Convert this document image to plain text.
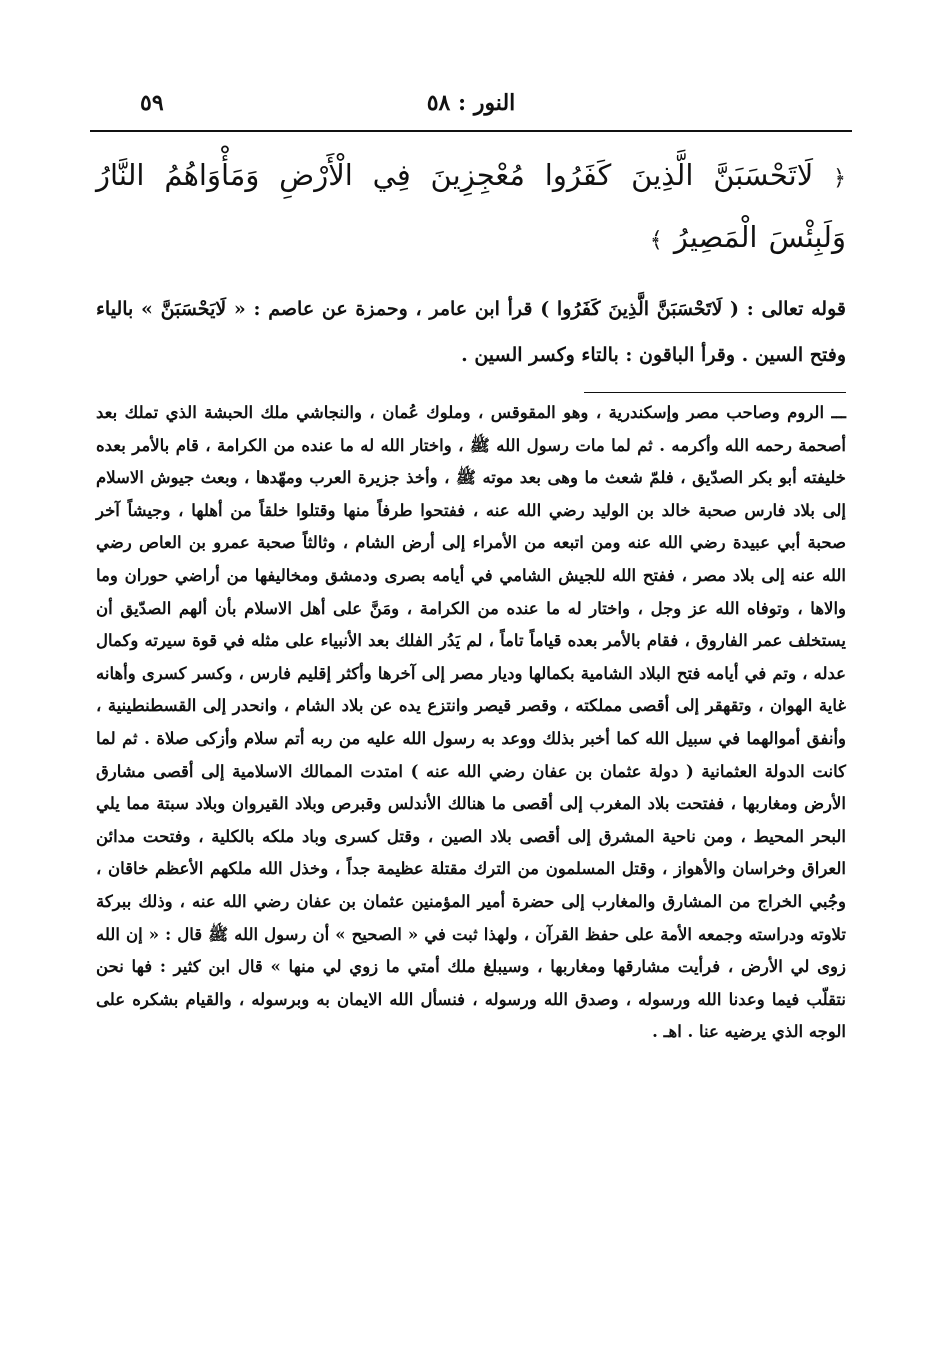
النور : ٥٨
٥٩
﴿ لَاتَحْسَبَنَّ الَّذِينَ كَفَرُوا مُعْجِزِينَ فِي الْأَرْضِ وَمَأْوَاهُمُ النَّارُ وَلَبِئْسَ الْمَصِيرُ ﴾
قوله تعالى : ( لَاتَحْسَبَنَّ الَّذِينَ كَفَرُوا ) قرأ ابن عامر ، وحمزة عن عاصم : « لَايَحْسَبَنَّ » بالياء وفتح السين . وقرأ الباقون : بالتاء وكسر السين .

ـــ الروم وصاحب مصر وإسكندرية ، وهو المقوقس ، وملوك عُمان ، والنجاشي ملك الحبشة الذي تملك بعد أصحمة رحمه الله وأكرمه . ثم لما مات رسول الله ﷺ ، واختار الله له ما عنده من الكرامة ، قام بالأمر بعده خليفته أبو بكر الصدّيق ، فلمّ شعث ما وهى بعد موته ﷺ ، وأخذ جزيرة العرب ومهّدها ، وبعث جيوش الاسلام إلى بلاد فارس صحبة خالد بن الوليد رضي الله عنه ، ففتحوا طرفاً منها وقتلوا خلقاً من أهلها ، وجيشاً آخر صحبة أبي عبيدة رضي الله عنه ومن اتبعه من الأمراء إلى أرض الشام ، وثالثاً صحبة عمرو بن العاص رضي الله عنه إلى بلاد مصر ، ففتح الله للجيش الشامي في أيامه بصرى ودمشق ومخاليفها من أراضي حوران وما والاها ، وتوفاه الله عز وجل ، واختار له ما عنده من الكرامة ، ومَنَّ على أهل الاسلام بأن ألهم الصدّيق أن يستخلف عمر الفاروق ، فقام بالأمر بعده قياماً تاماً ، لم يَدُر الفلك بعد الأنبياء على مثله في قوة سيرته وكمال عدله ، وتم في أيامه فتح البلاد الشامية بكمالها وديار مصر إلى آخرها وأكثر إقليم فارس ، وكسر كسرى وأهانه غاية الهوان ، وتقهقر إلى أقصى مملكته ، وقصر قيصر وانتزع يده عن بلاد الشام ، وانحدر إلى القسطنطينية ، وأنفق أموالهما في سبيل الله كما أخبر بذلك ووعد به رسول الله عليه من ربه أتم سلام وأزكى صلاة . ثم لما كانت الدولة العثمانية ( دولة عثمان بن عفان رضي الله عنه ) امتدت الممالك الاسلامية إلى أقصى مشارق الأرض ومغاربها ، ففتحت بلاد المغرب إلى أقصى ما هنالك الأندلس وقبرص وبلاد القيروان وبلاد سبتة مما يلي البحر المحيط ، ومن ناحية المشرق إلى أقصى بلاد الصين ، وقتل كسرى وباد ملكه بالكلية ، وفتحت مدائن العراق وخراسان والأهواز ، وقتل المسلمون من الترك مقتلة عظيمة جداً ، وخذل الله ملكهم الأعظم خاقان ، وجُبي الخراج من المشارق والمغارب إلى حضرة أمير المؤمنين عثمان بن عفان رضي الله عنه ، وذلك ببركة تلاوته ودراسته وجمعه الأمة على حفظ القرآن ، ولهذا ثبت في « الصحيح » أن رسول الله ﷺ قال : « إن الله زوى لي الأرض ، فرأيت مشارقها ومغاربها ، وسيبلغ ملك أمتي ما زوي لي منها » قال ابن كثير : فها نحن نتقلّب فيما وعدنا الله ورسوله ، وصدق الله ورسوله ، فنسأل الله الايمان به وبرسوله ، والقيام بشكره على الوجه الذي يرضيه عنا . اهـ .
